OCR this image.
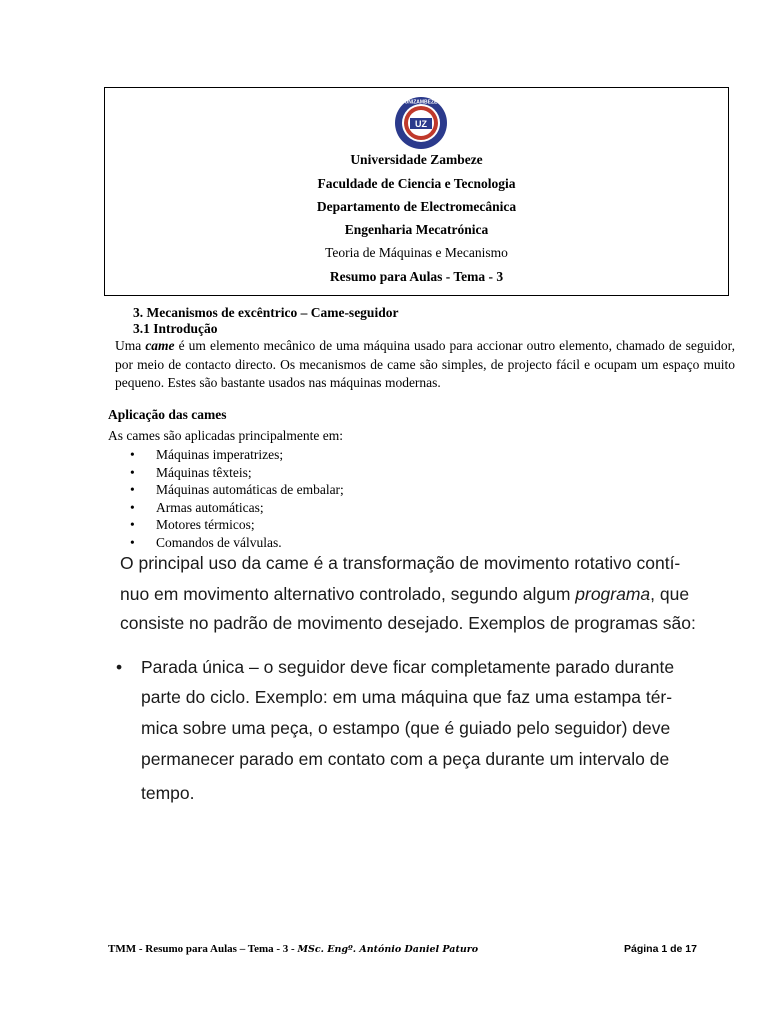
UZ
UNIZAMBEZE
Universidade Zambeze
Faculdade de Ciencia e Tecnologia
Departamento de Electromecânica
Engenharia Mecatrónica
Teoria de Máquinas e Mecanismo
Resumo para Aulas - Tema - 3
3. Mecanismos de excêntrico – Came-seguidor
3.1 Introdução
Uma came é um elemento mecânico de uma máquina usado para accionar outro elemento, chamado de seguidor, por meio de contacto directo. Os mecanismos de came são simples, de projecto fácil e ocupam um espaço muito pequeno. Estes são bastante usados nas máquinas modernas.
Aplicação das cames
As cames são aplicadas principalmente em:
• Máquinas imperatrizes;
• Máquinas têxteis;
• Máquinas automáticas de embalar;
• Armas automáticas;
• Motores térmicos;
• Comandos de válvulas.
O principal uso da came é a transformação de movimento rotativo contí-
nuo em movimento alternativo controlado, segundo algum programa, que
consiste no padrão de movimento desejado. Exemplos de programas são:
• Parada única – o seguidor deve ficar completamente parado durante
parte do ciclo. Exemplo: em uma máquina que faz uma estampa tér-
mica sobre uma peça, o estampo (que é guiado pelo seguidor) deve
permanecer parado em contato com a peça durante um intervalo de
tempo.
TMM - Resumo para Aulas – Tema - 3 - MSc. Engº. António Daniel Paturo	Página 1 de 17
